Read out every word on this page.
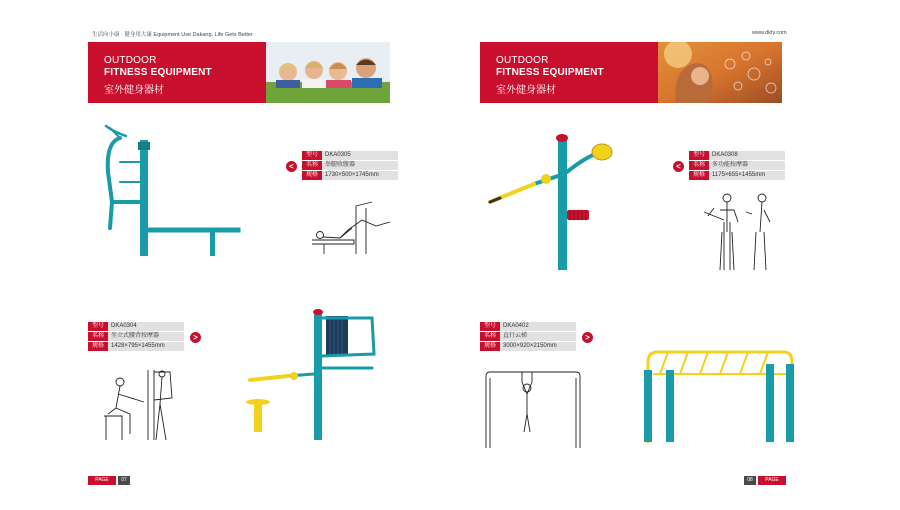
生活向小康 · 健身用大康 Equipment Use Dakang, Life Gets Better	www.dkty.com
OUTDOOR
FITNESS EQUIPMENT
室外健身器材
OUTDOOR
FITNESS EQUIPMENT
室外健身器材
<
型号	DKA0305
名称	举腿收腹器
规格	1730×500×1745mm
<
型号	DKA0308
名称	多功能按摩器
规格	1175×655×1455mm
型号	DKA0304
名称	坐立式腰背按摩器
规格	1428×795×1455mm
>
型号	DKA0402
名称	直行云梯
规格	3000×920×2150mm
>
PAGE	07	08	PAGE
